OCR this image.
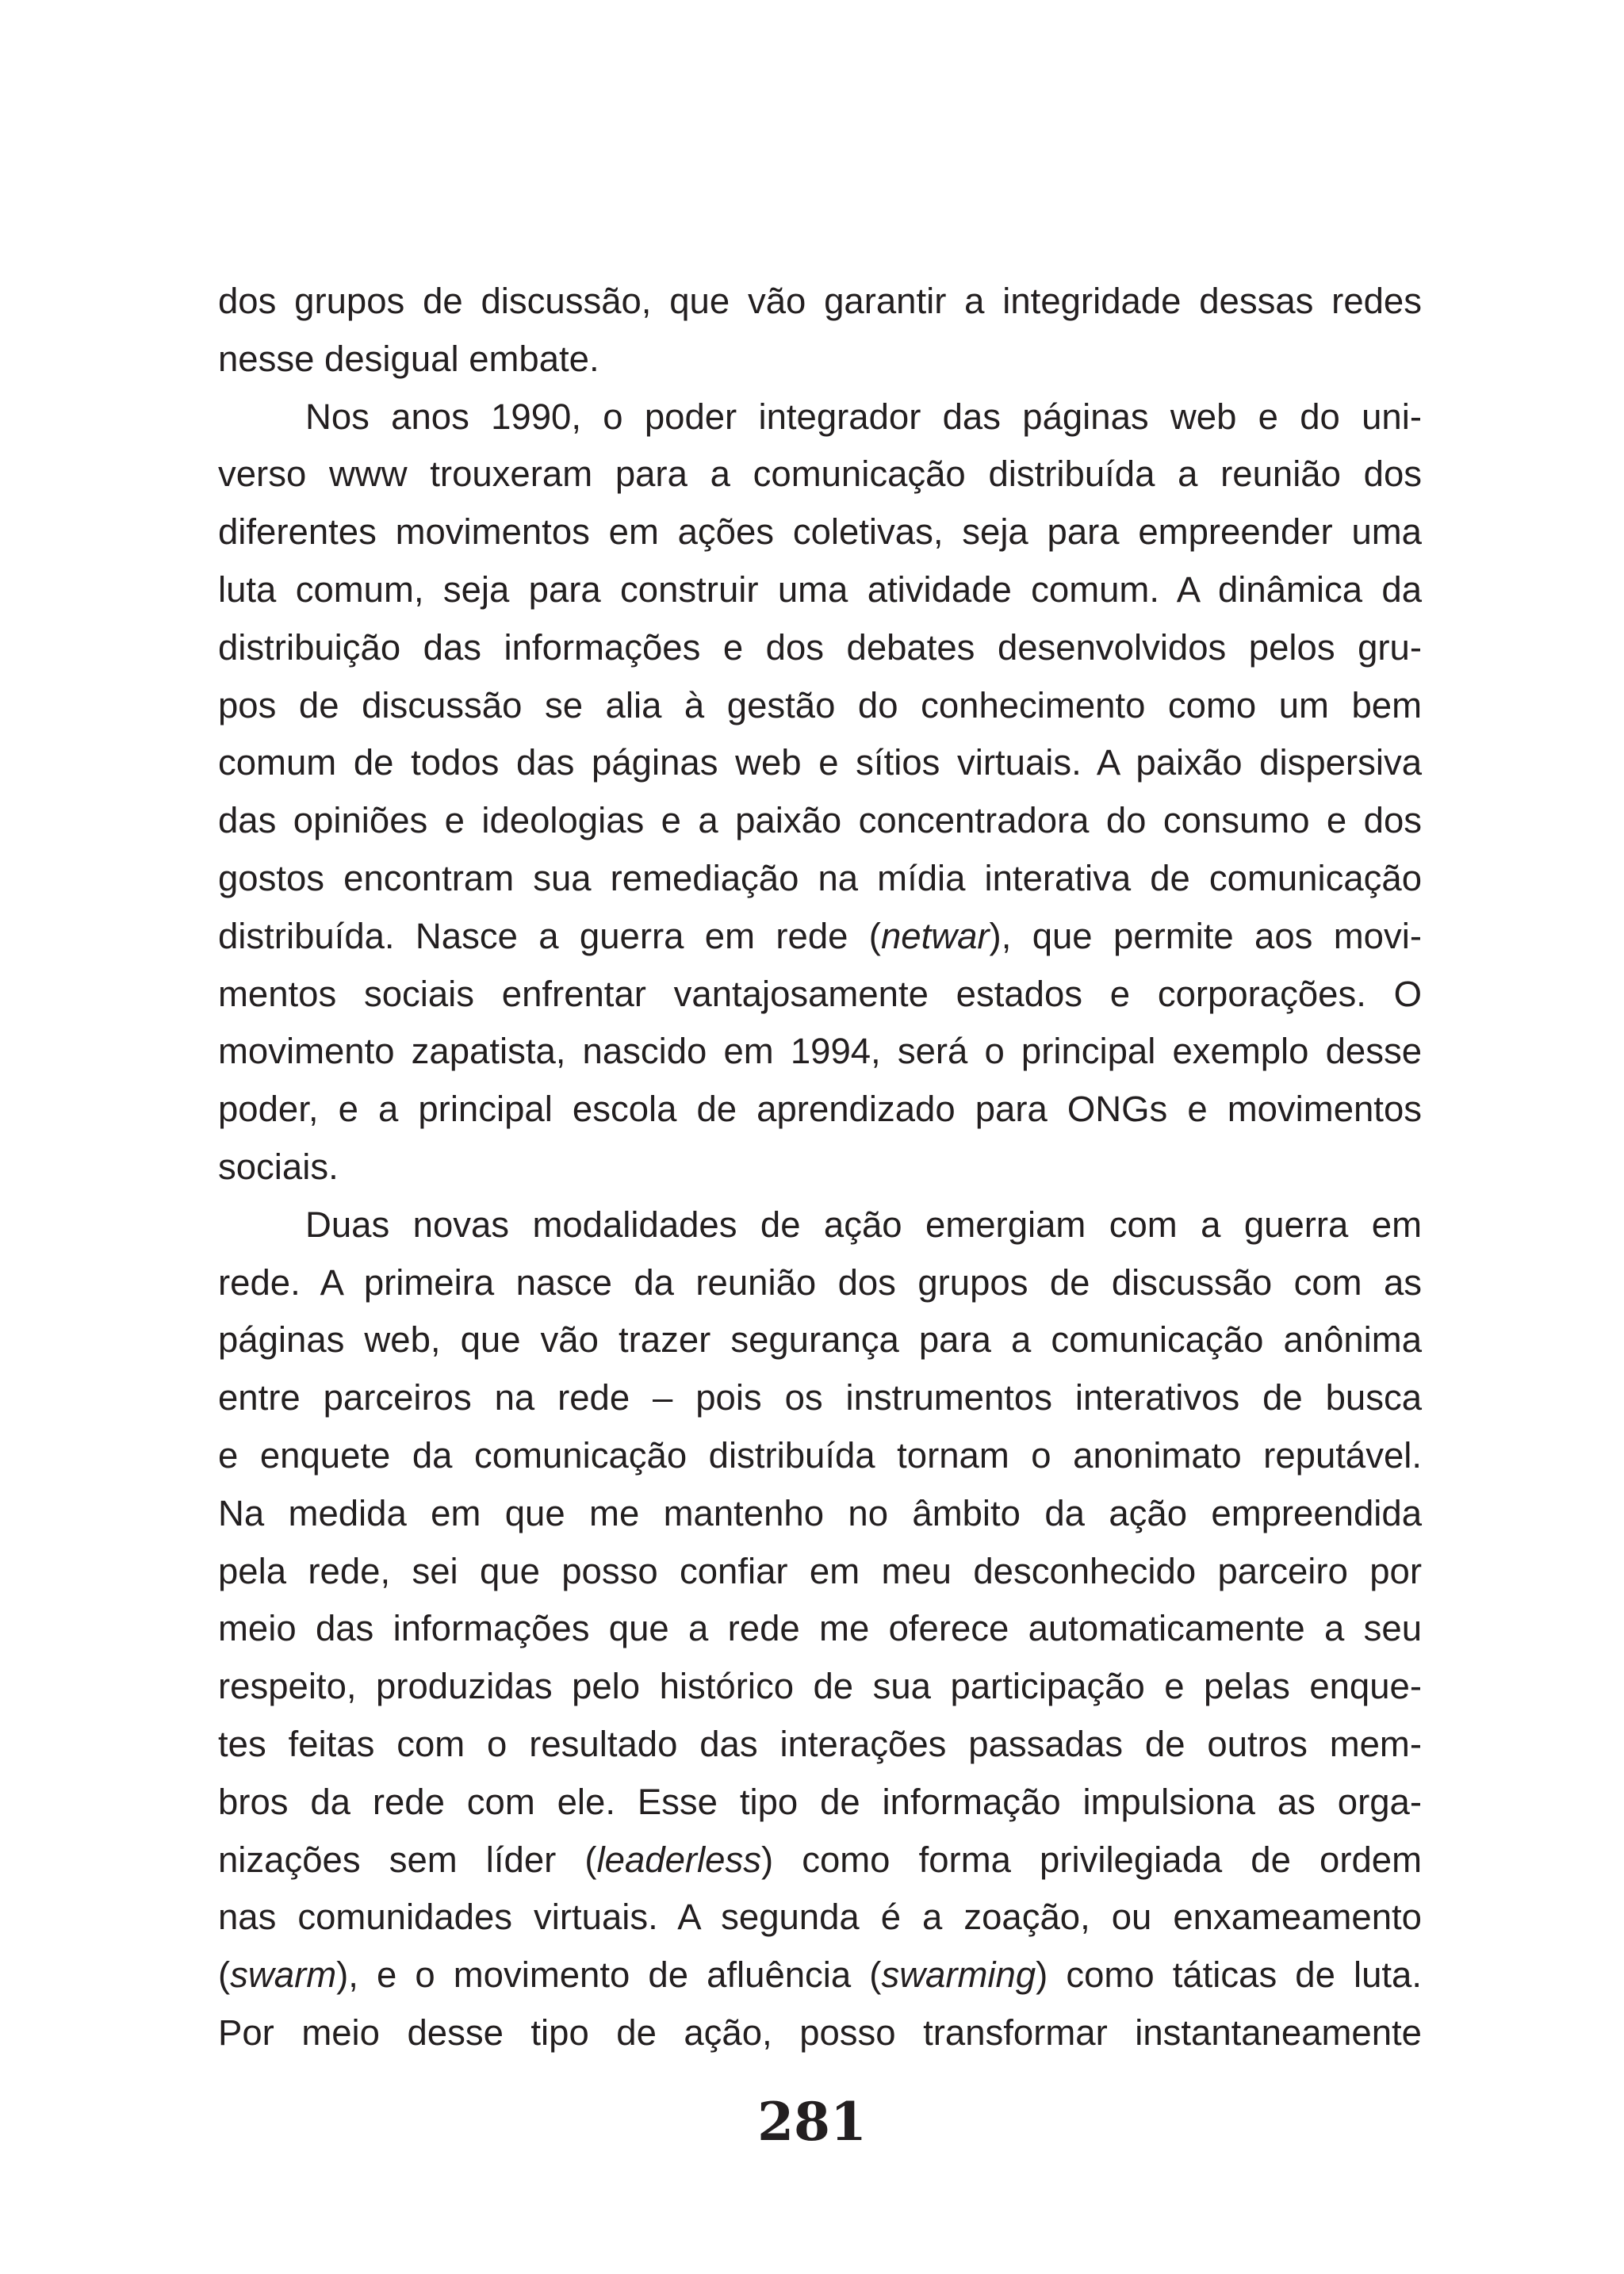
dos grupos de discussão, que vão garantir a integridade dessas redes
nesse desigual embate.
Nos anos 1990, o poder integrador das páginas web e do uni-
verso www trouxeram para a comunicação distribuída a reunião dos
diferentes movimentos em ações coletivas, seja para empreender uma
luta comum, seja para construir uma atividade comum. A dinâmica da
distribuição das informações e dos debates desenvolvidos pelos gru-
pos de discussão se alia à gestão do conhecimento como um bem
comum de todos das páginas web e sítios virtuais. A paixão dispersiva
das opiniões e ideologias e a paixão concentradora do consumo e dos
gostos encontram sua remediação na mídia interativa de comunicação
distribuída. Nasce a guerra em rede (netwar), que permite aos movi-
mentos sociais enfrentar vantajosamente estados e corporações. O
movimento zapatista, nascido em 1994, será o principal exemplo desse
poder, e a principal escola de aprendizado para ONGs e movimentos
sociais.
Duas novas modalidades de ação emergiam com a guerra em
rede. A primeira nasce da reunião dos grupos de discussão com as
páginas web, que vão trazer segurança para a comunicação anônima
entre parceiros na rede – pois os instrumentos interativos de busca
e enquete da comunicação distribuída tornam o anonimato reputável.
Na medida em que me mantenho no âmbito da ação empreendida
pela rede, sei que posso confiar em meu desconhecido parceiro por
meio das informações que a rede me oferece automaticamente a seu
respeito, produzidas pelo histórico de sua participação e pelas enque-
tes feitas com o resultado das interações passadas de outros mem-
bros da rede com ele. Esse tipo de informação impulsiona as orga-
nizações sem líder (leaderless) como forma privilegiada de ordem
nas comunidades virtuais. A segunda é a zoação, ou enxameamento
(swarm), e o movimento de afluência (swarming) como táticas de luta.
Por meio desse tipo de ação, posso transformar instantaneamente
281
